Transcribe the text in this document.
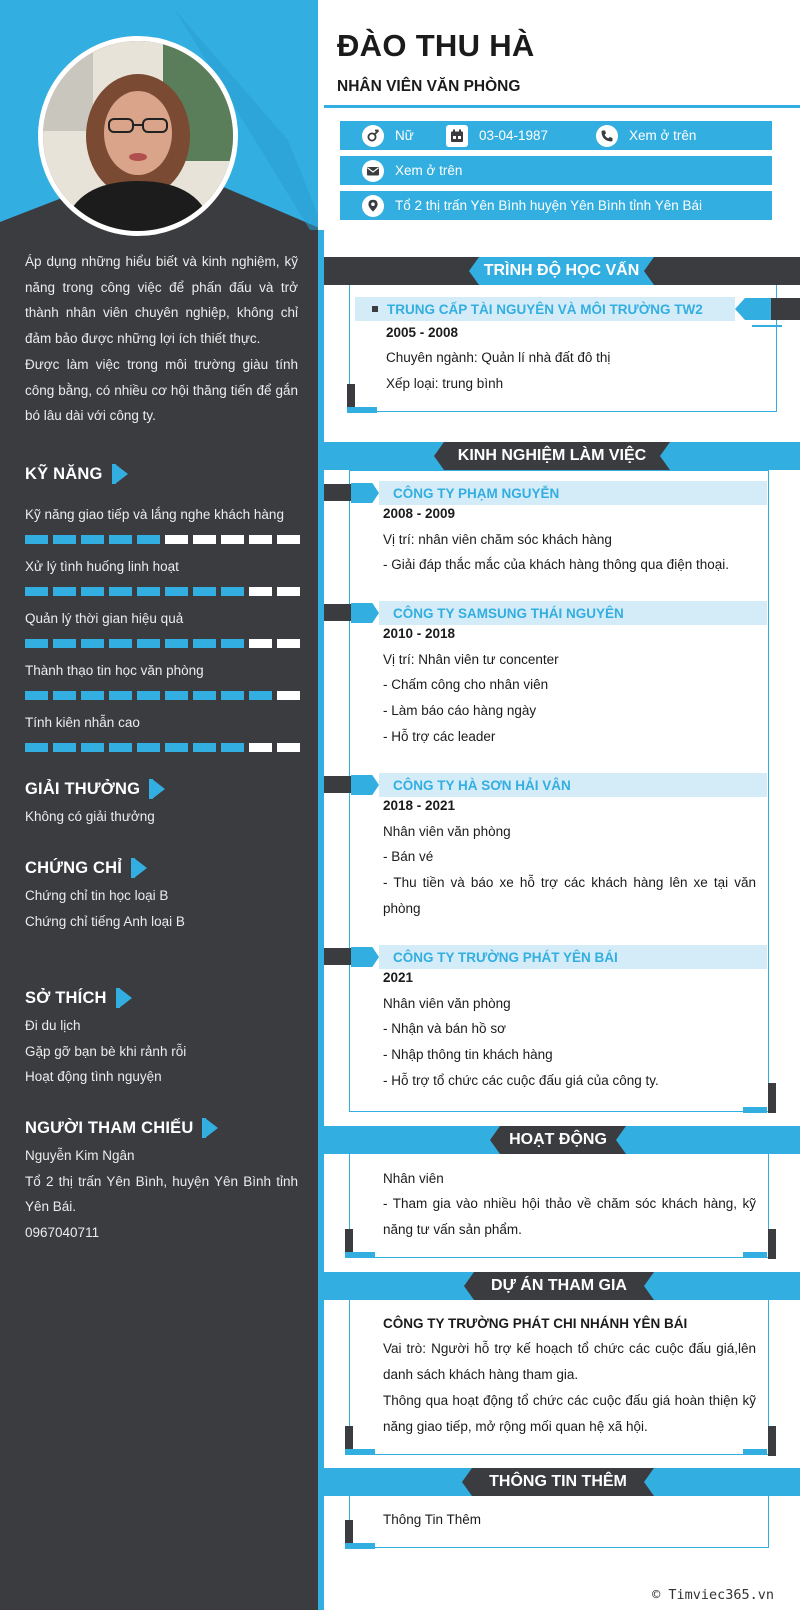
Áp dụng những hiểu biết và kinh nghiệm, kỹ năng trong công việc để phấn đấu và trở thành nhân viên chuyên nghiệp, không chỉ đảm bảo được những lợi ích thiết thực.

Được làm việc trong môi trường giàu tính công bằng, có nhiều cơ hội thăng tiến để gắn bó lâu dài với công ty.

KỸ NĂNG
Kỹ năng giao tiếp và lắng nghe khách hàng
Xử lý tình huống linh hoạt
Quản lý thời gian hiệu quả
Thành thạo tin học văn phòng
Tính kiên nhẫn cao
GIẢI THƯỞNG
Không có giải thưởng
CHỨNG CHỈ
Chứng chỉ tin học loại B
Chứng chỉ tiếng Anh loại B
SỞ THÍCH
Đi du lịch
Gặp gỡ bạn bè khi rảnh rỗi
Hoạt động tình nguyện
NGƯỜI THAM CHIẾU
Nguyễn Kim Ngân
Tổ 2 thị trấn Yên Bình, huyện Yên Bình tỉnh Yên Bái.
0967040711
ĐÀO THU HÀ
NHÂN VIÊN VĂN PHÒNG
Nữ	03-04-1987	Xem ở trên
Xem ở trên
Tổ 2 thị trấn Yên Bình huyện Yên Bình tỉnh Yên Bái
TRÌNH ĐỘ HỌC VẤN
TRUNG CẤP TÀI NGUYÊN VÀ MÔI TRƯỜNG TW2
2005 - 2008
Chuyên ngành: Quản lí nhà đất đô thị
Xếp loại: trung bình
KINH NGHIỆM LÀM VIỆC
CÔNG TY PHẠM NGUYỄN
2008 - 2009
Vị trí: nhân viên chăm sóc khách hàng
- Giải đáp thắc mắc của khách hàng thông qua điện thoại.
CÔNG TY SAMSUNG THÁI NGUYÊN
2010 - 2018
Vị trí: Nhân viên tư concenter
- Chấm công cho nhân viên
- Làm báo cáo hàng ngày
- Hỗ trợ các leader
CÔNG TY HÀ SƠN HẢI VÂN
2018 - 2021
Nhân viên văn phòng
- Bán vé
- Thu tiền và báo xe hỗ trợ các khách hàng lên xe tại văn phòng
CÔNG TY TRƯỜNG PHÁT YÊN BÁI
2021
Nhân viên văn phòng
- Nhận và bán hồ sơ
- Nhập thông tin khách hàng
- Hỗ trợ tổ chức các cuộc đấu giá của công ty.
HOẠT ĐỘNG
Nhân viên
- Tham gia vào nhiều hội thảo về chăm sóc khách hàng, kỹ năng tư vấn sản phẩm.
DỰ ÁN THAM GIA
CÔNG TY TRƯỜNG PHÁT CHI NHÁNH YÊN BÁI
Vai trò: Người hỗ trợ kế hoạch tổ chức các cuộc đấu giá,lên danh sách khách hàng tham gia.
Thông qua hoạt động tổ chức các cuộc đấu giá hoàn thiện kỹ năng giao tiếp, mở rộng mối quan hệ xã hội.
THÔNG TIN THÊM
Thông Tin Thêm
© Timviec365.vn
